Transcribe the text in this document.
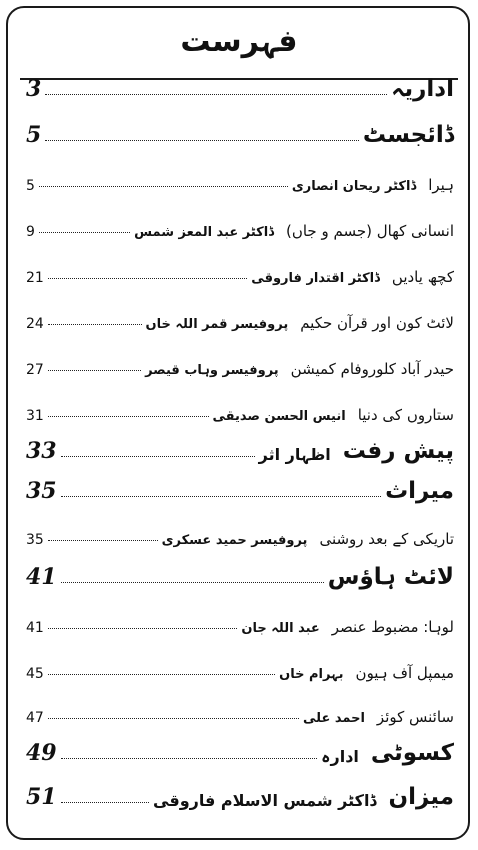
فہرست
اداریہ
3
ڈائجسٹ
5
ہیرا
ڈاکٹر ریحان انصاری
5
انسانی کھال (جسم و جاں)
ڈاکٹر عبد المعز شمس
9
کچھ یادیں
ڈاکٹر اقتدار فاروقی
21
لائٹ کون اور قرآن حکیم
پروفیسر قمر اللہ خاں
24
حیدر آباد کلوروفام کمیشن
پروفیسر وہاب قیصر
27
ستاروں کی دنیا
انیس الحسن صدیقی
31
پیش رفت
اظہار اثر
33
میراث
35
تاریکی کے بعد روشنی
پروفیسر حمید عسکری
35
لائٹ ہاؤس
41
لوہا: مضبوط عنصر
عبد اللہ جان
41
میمپل آف ہیون
بہرام خاں
45
سائنس کوئز
احمد علی
47
کسوٹی
ادارہ
49
میزان
ڈاکٹر شمس الاسلام فاروقی
51
